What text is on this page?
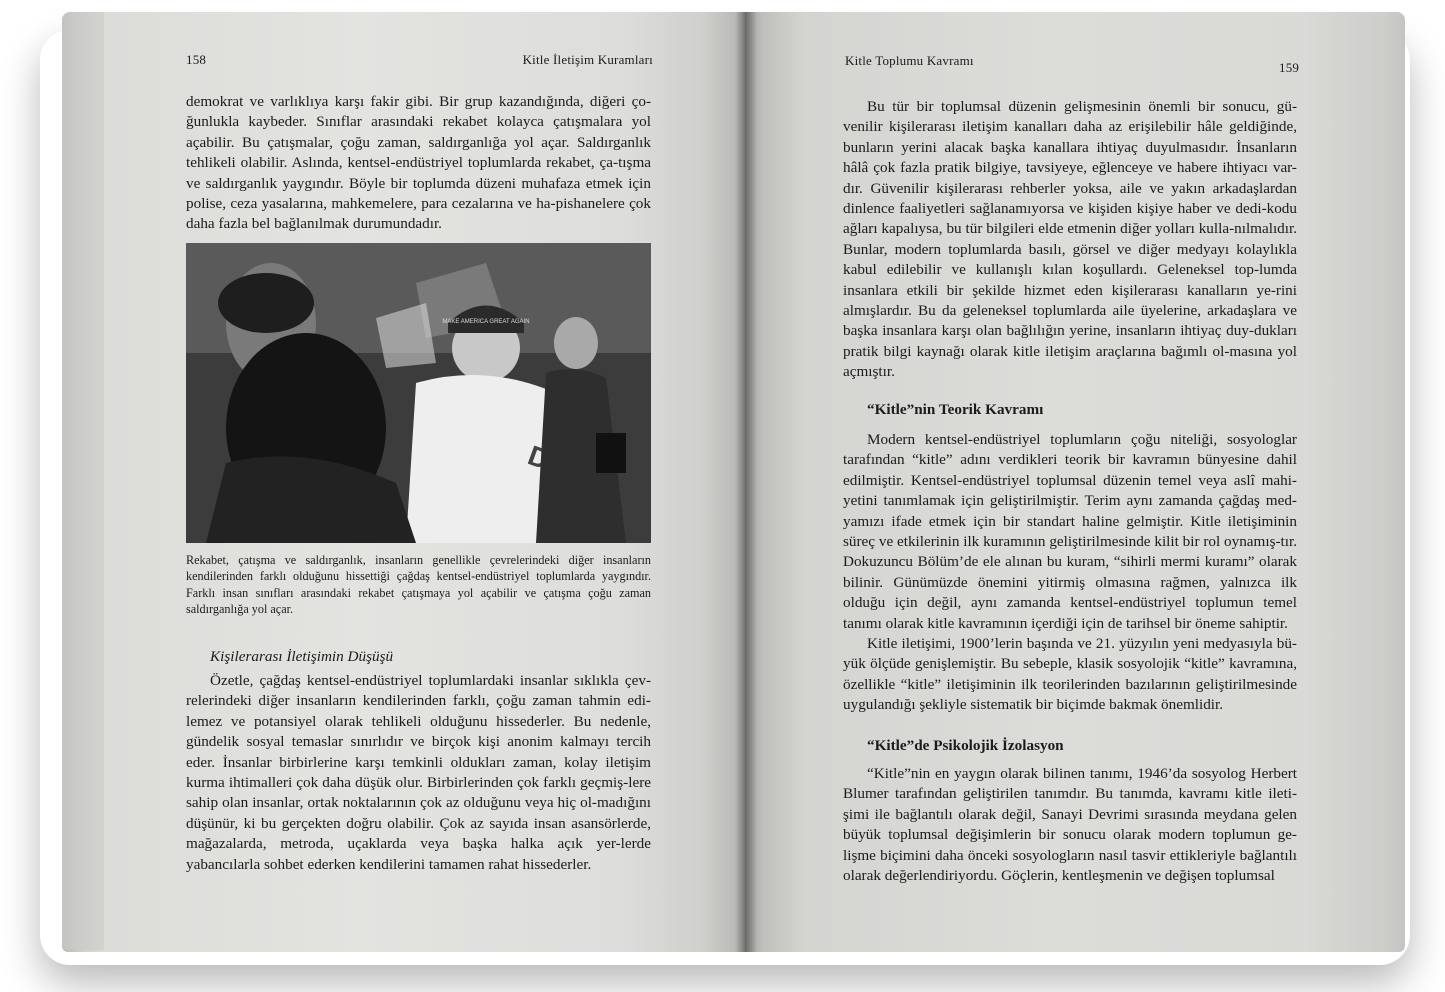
158	Kitle İletişim Kuramları

demokrat ve varlıklıya karşı fakir gibi. Bir grup kazandığında, diğeri ço-ğunlukla kaybeder. Sınıflar arasındaki rekabet kolayca çatışmalara yol açabilir. Bu çatışmalar, çoğu zaman, saldırganlığa yol açar. Saldırganlık tehlikeli olabilir. Aslında, kentsel-endüstriyel toplumlarda rekabet, ça-tışma ve saldırganlık yaygındır. Böyle bir toplumda düzeni muhafaza etmek için polise, ceza yasalarına, mahkemelere, para cezalarına ve ha-pishanelere çok daha fazla bel bağlanılmak durumundadır.

MAKE AMERICA GREAT AGAIN
D
Rekabet, çatışma ve saldırganlık, insanların genellikle çevrelerindeki diğer insanların kendilerinden farklı olduğunu hissettiği çağdaş kentsel-endüstriyel toplumlarda yaygındır. Farklı insan sınıfları arasındaki rekabet çatışmaya yol açabilir ve çatışma çoğu zaman saldırganlığa yol açar.
Kişilerarası İletişimin Düşüşü

Özetle, çağdaş kentsel-endüstriyel toplumlardaki insanlar sıklıkla çev-relerindeki diğer insanların kendilerinden farklı, çoğu zaman tahmin edi-lemez ve potansiyel olarak tehlikeli olduğunu hissederler. Bu nedenle, gündelik sosyal temaslar sınırlıdır ve birçok kişi anonim kalmayı tercih eder. İnsanlar birbirlerine karşı temkinli oldukları zaman, kolay iletişim kurma ihtimalleri çok daha düşük olur. Birbirlerinden çok farklı geçmiş-lere sahip olan insanlar, ortak noktalarının çok az olduğunu veya hiç ol-madığını düşünür, ki bu gerçekten doğru olabilir. Çok az sayıda insan asansörlerde, mağazalarda, metroda, uçaklarda veya başka halka açık yer-lerde yabancılarla sohbet ederken kendilerini tamamen rahat hissederler.

Kitle Toplumu Kavramı	159

Bu tür bir toplumsal düzenin gelişmesinin önemli bir sonucu, gü-venilir kişilerarası iletişim kanalları daha az erişilebilir hâle geldiğinde, bunların yerini alacak başka kanallara ihtiyaç duyulmasıdır. İnsanların hâlâ çok fazla pratik bilgiye, tavsiyeye, eğlenceye ve habere ihtiyacı var-dır. Güvenilir kişilerarası rehberler yoksa, aile ve yakın arkadaşlardan dinlence faaliyetleri sağlanamıyorsa ve kişiden kişiye haber ve dedi-kodu ağları kapalıysa, bu tür bilgileri elde etmenin diğer yolları kulla-nılmalıdır. Bunlar, modern toplumlarda basılı, görsel ve diğer medyayı kolaylıkla kabul edilebilir ve kullanışlı kılan koşullardı. Geleneksel top-lumda insanlara etkili bir şekilde hizmet eden kişilerarası kanalların ye-rini almışlardır. Bu da geleneksel toplumlarda aile üyelerine, arkadaşlara ve başka insanlara karşı olan bağlılığın yerine, insanların ihtiyaç duy-dukları pratik bilgi kaynağı olarak kitle iletişim araçlarına bağımlı ol-masına yol açmıştır.

“Kitle”nin Teorik Kavramı

Modern kentsel-endüstriyel toplumların çoğu niteliği, sosyologlar tarafından “kitle” adını verdikleri teorik bir kavramın bünyesine dahil edilmiştir. Kentsel-endüstriyel toplumsal düzenin temel veya aslî mahi-yetini tanımlamak için geliştirilmiştir. Terim aynı zamanda çağdaş med-yamızı ifade etmek için bir standart haline gelmiştir. Kitle iletişiminin süreç ve etkilerinin ilk kuramının geliştirilmesinde kilit bir rol oynamış-tır. Dokuzuncu Bölüm’de ele alınan bu kuram, “sihirli mermi kuramı” olarak bilinir. Günümüzde önemini yitirmiş olmasına rağmen, yalnızca ilk olduğu için değil, aynı zamanda kentsel-endüstriyel toplumun temel tanımı olarak kitle kavramının içerdiği için de tarihsel bir öneme sahiptir.

Kitle iletişimi, 1900’lerin başında ve 21. yüzyılın yeni medyasıyla bü-yük ölçüde genişlemiştir. Bu sebeple, klasik sosyolojik “kitle” kavramına, özellikle “kitle” iletişiminin ilk teorilerinden bazılarının geliştirilmesinde uygulandığı şekliyle sistematik bir biçimde bakmak önemlidir.

“Kitle”de Psikolojik İzolasyon

“Kitle”nin en yaygın olarak bilinen tanımı, 1946’da sosyolog Herbert Blumer tarafından geliştirilen tanımdır. Bu tanımda, kavramı kitle ileti-şimi ile bağlantılı olarak değil, Sanayi Devrimi sırasında meydana gelen büyük toplumsal değişimlerin bir sonucu olarak modern toplumun ge-lişme biçimini daha önceki sosyologların nasıl tasvir ettikleriyle bağlantılı olarak değerlendiriyordu. Göçlerin, kentleşmenin ve değişen toplumsal
